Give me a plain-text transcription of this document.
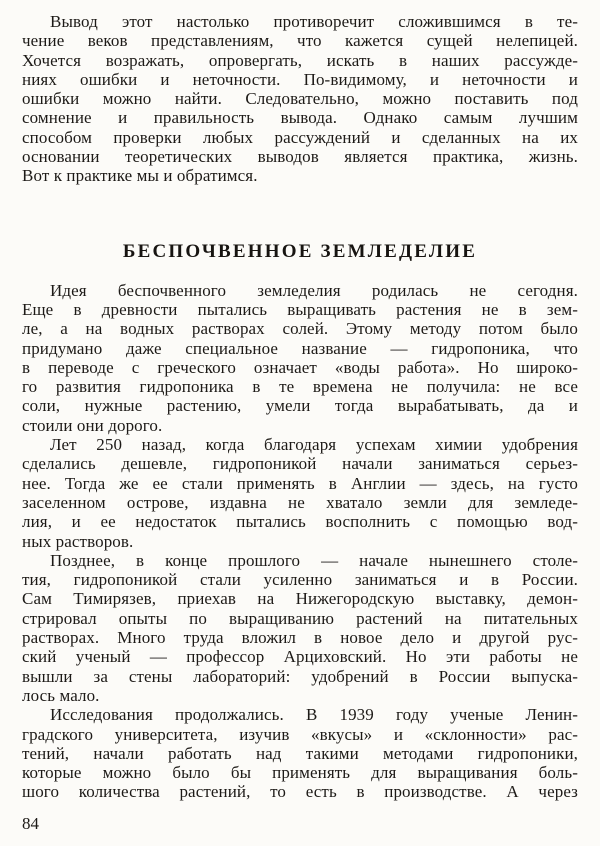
Вывод этот настолько противоречит сложившимся в те-
чение веков представлениям, что кажется сущей нелепицей.
Хочется возражать, опровергать, искать в наших рассужде-
ниях ошибки и неточности. По-видимому, и неточности и
ошибки можно найти. Следовательно, можно поставить под
сомнение и правильность вывода. Однако самым лучшим
способом проверки любых рассуждений и сделанных на их
основании теоретических выводов является практика, жизнь.
Вот к практике мы и обратимся.
БЕСПОЧВЕННОЕ ЗЕМЛЕДЕЛИЕ
Идея беспочвенного земледелия родилась не сегодня.
Еще в древности пытались выращивать растения не в зем-
ле, а на водных растворах солей. Этому методу потом было
придумано даже специальное название — гидропоника, что
в переводе с греческого означает «воды работа». Но широко-
го развития гидропоника в те времена не получила: не все
соли, нужные растению, умели тогда вырабатывать, да и
стоили они дорого.
Лет 250 назад, когда благодаря успехам химии удобрения
сделались дешевле, гидропоникой начали заниматься серьез-
нее. Тогда же ее стали применять в Англии — здесь, на густо
заселенном острове, издавна не хватало земли для земледе-
лия, и ее недостаток пытались восполнить с помощью вод-
ных растворов.
Позднее, в конце прошлого — начале нынешнего столе-
тия, гидропоникой стали усиленно заниматься и в России.
Сам Тимирязев, приехав на Нижегородскую выставку, демон-
стрировал опыты по выращиванию растений на питательных
растворах. Много труда вложил в новое дело и другой рус-
ский ученый — профессор Арциховский. Но эти работы не
вышли за стены лабораторий: удобрений в России выпуска-
лось мало.
Исследования продолжались. В 1939 году ученые Ленин-
градского университета, изучив «вкусы» и «склонности» рас-
тений, начали работать над такими методами гидропоники,
которые можно было бы применять для выращивания боль-
шого количества растений, то есть в производстве. А через
84
